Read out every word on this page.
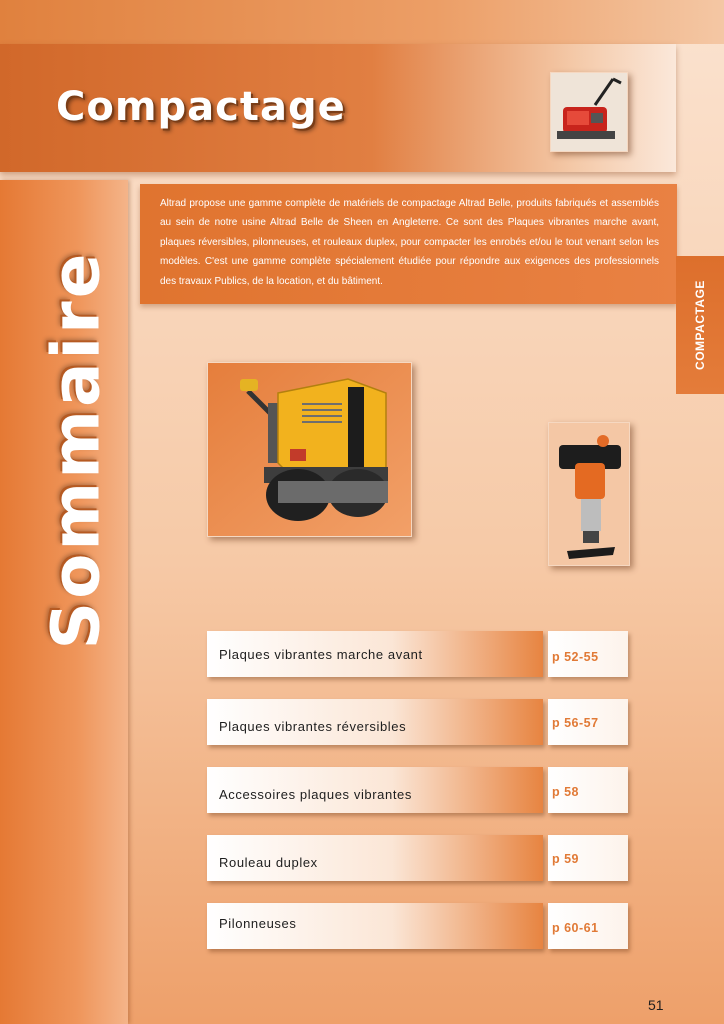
Compactage
Sommaire

Altrad propose une gamme complète de matériels de compactage Altrad Belle, produits fabriqués et assemblés au sein de notre usine Altrad Belle de Sheen en Angleterre. Ce sont des Plaques vibrantes marche avant, plaques réversibles, pilonneuses, et rouleaux duplex, pour compacter les enrobés et/ou le tout venant selon les modèles. C'est une gamme complète spécialement étudiée pour répondre aux exigences des professionnels des travaux Publics, de la location, et du bâtiment.	COMPACTAGE
Plaques vibrantes marche avant	p 52-55
Plaques vibrantes réversibles	p 56-57
Accessoires plaques vibrantes	p 58
Rouleau duplex	p 59
Pilonneuses	p 60-61
51
